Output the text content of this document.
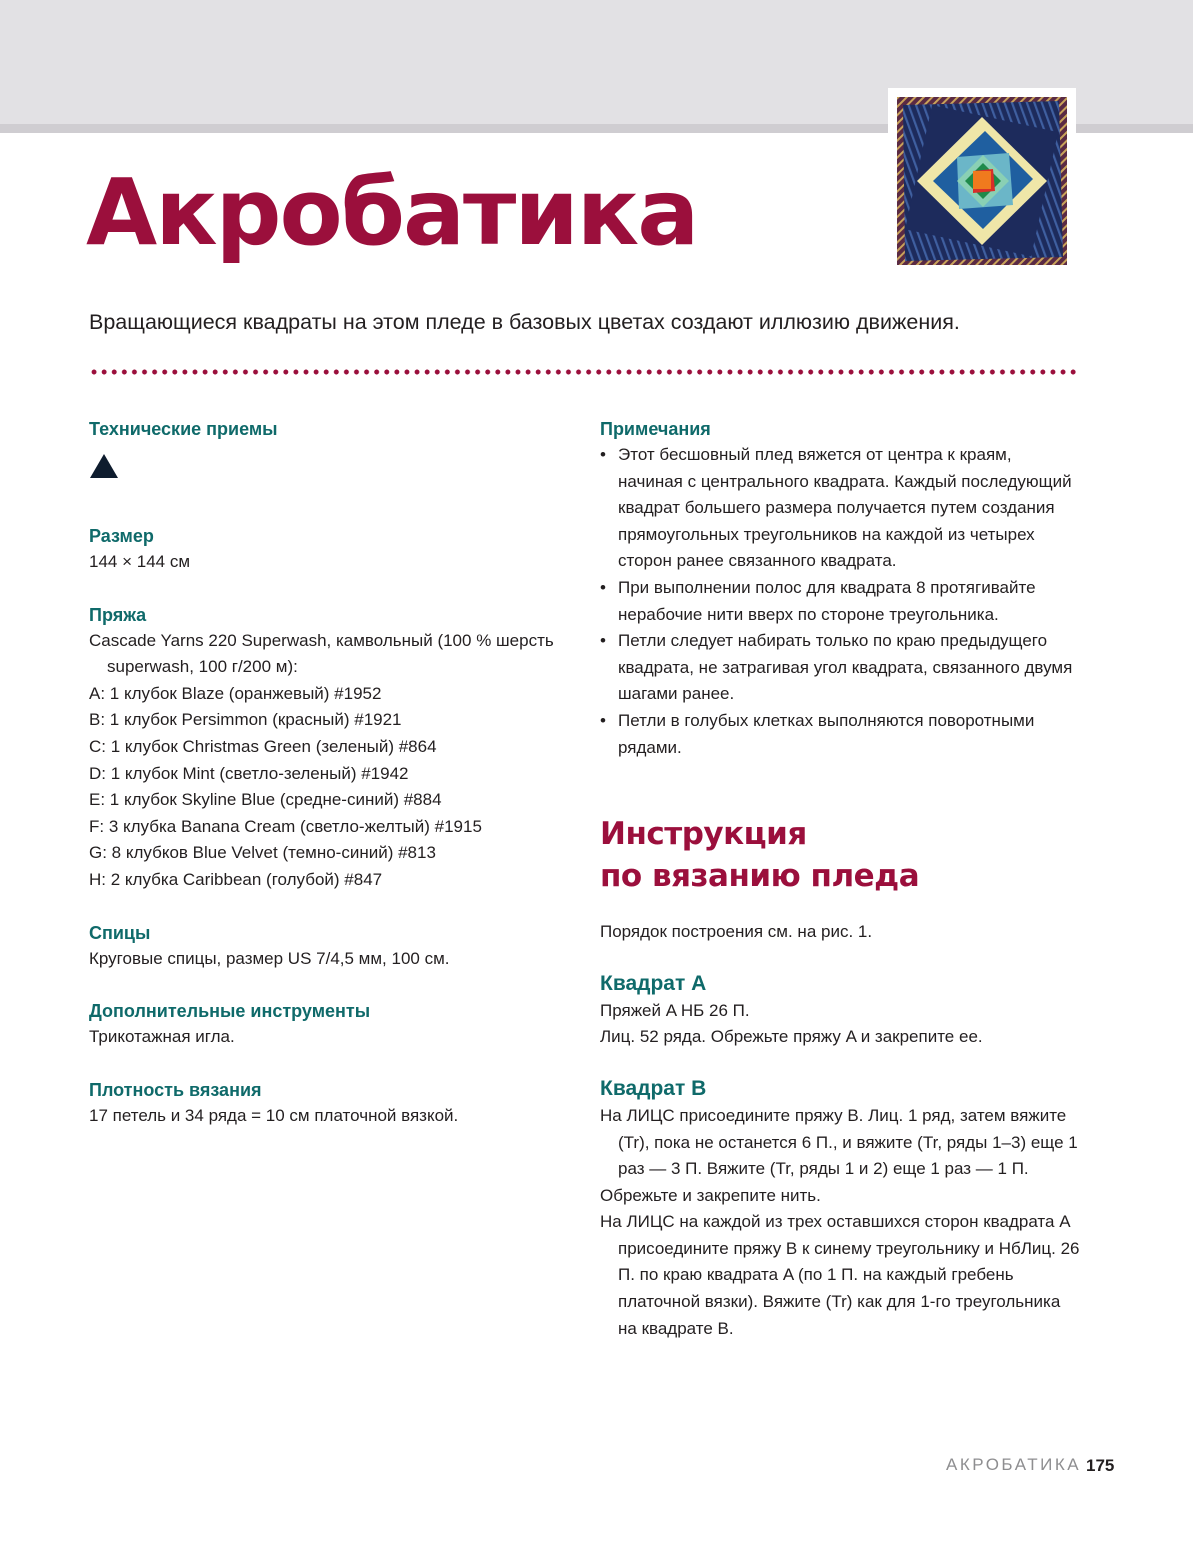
Акробатика
Вращающиеся квадраты на этом пледе в базовых цветах создают иллюзию движения.
Технические приемы
Размер
144 × 144 см
Пряжа
Cascade Yarns 220 Superwash, камвольный (100 % шерсть superwash, 100 г/200 м):
A: 1 клубок Blaze (оранжевый) #1952
B: 1 клубок Persimmon (красный) #1921
C: 1 клубок Christmas Green (зеленый) #864
D: 1 клубок Mint (светло-зеленый) #1942
E: 1 клубок Skyline Blue (средне-синий) #884
F: 3 клубка Banana Cream (светло-желтый) #1915
G: 8 клубков Blue Velvet (темно-синий) #813
H: 2 клубка Caribbean (голубой) #847
Спицы
Круговые спицы, размер US 7/4,5 мм, 100 см.
Дополнительные инструменты
Трикотажная игла.
Плотность вязания
17 петель и 34 ряда = 10 см платочной вязкой.
Примечания
• Этот бесшовный плед вяжется от центра к краям, начиная с центрального квадрата. Каждый последующий квадрат большего размера получается путем создания прямоугольных треугольников на каждой из четырех сторон ранее связанного квадрата.
• При выполнении полос для квадрата 8 протягивайте нерабочие нити вверх по стороне треугольника.
• Петли следует набирать только по краю предыдущего квадрата, не затрагивая угол квадрата, связанного двумя шагами ранее.
• Петли в голубых клетках выполняются поворотными рядами.
Инструкция
по вязанию пледа
Порядок построения см. на рис. 1.
Квадрат А
Пряжей A НБ 26 П.
Лиц. 52 ряда. Обрежьте пряжу A и закрепите ее.
Квадрат В
На ЛИЦС присоедините пряжу B. Лиц. 1 ряд, затем вяжите (Tr), пока не останется 6 П., и вяжите (Tr, ряды 1–3) еще 1 раз — 3 П. Вяжите (Tr, ряды 1 и 2) еще 1 раз — 1 П.
Обрежьте и закрепите нить.
На ЛИЦС на каждой из трех оставшихся сторон квадрата A присоедините пряжу B к синему треугольнику и НбЛиц. 26 П. по краю квадрата A (по 1 П. на каждый гребень платочной вязки). Вяжите (Tr) как для 1-го треугольника на квадрате B.
АКРОБАТИКА 175
